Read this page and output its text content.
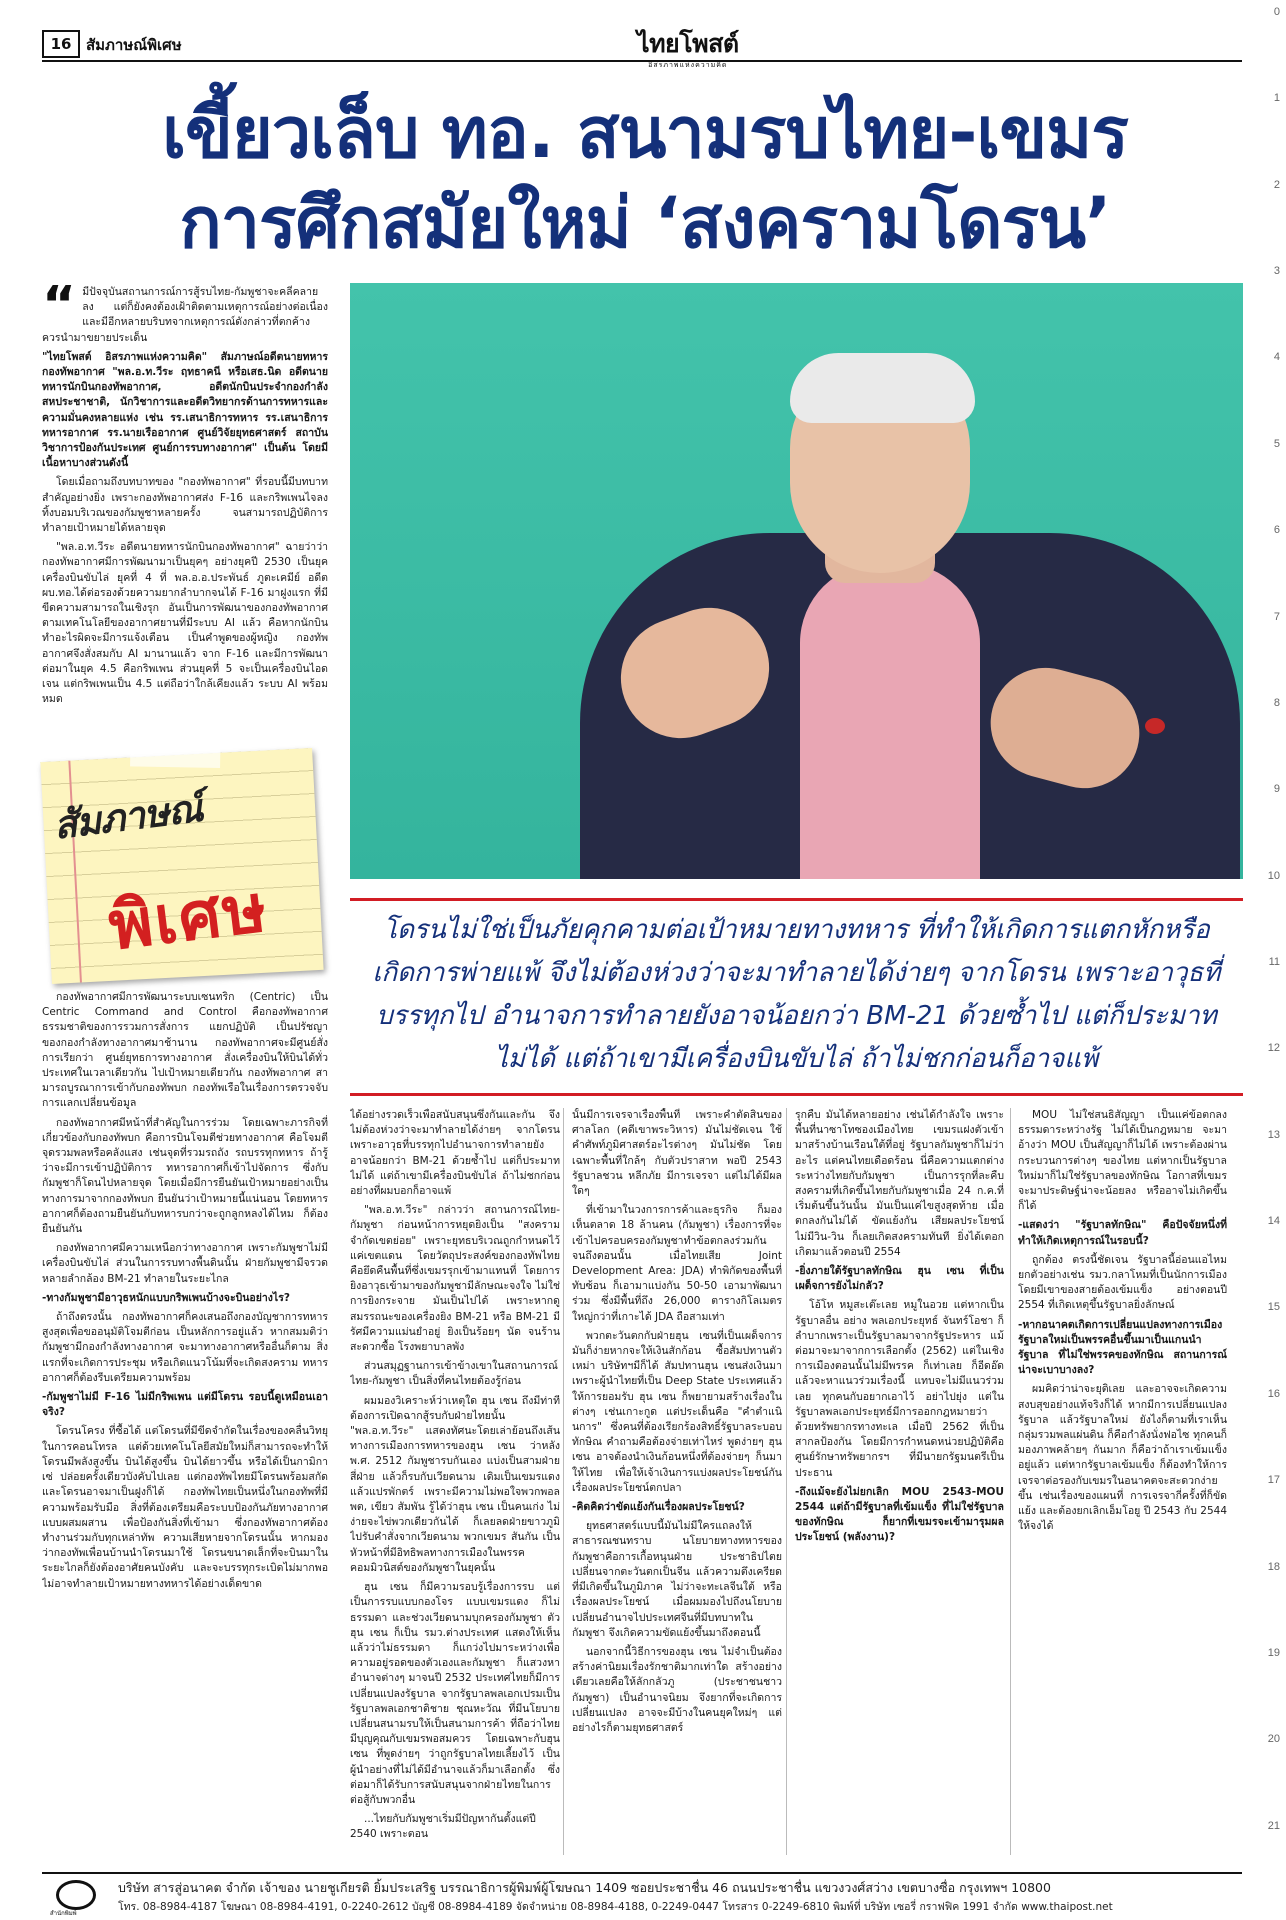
0
1
2
3
4
5
6
7
8
9
10
11
12
13
14
15
16
17
18
19
20
21
16 สัมภาษณ์พิเศษ	ไทยโพสต์
อิสรภาพแห่งความคิด
เขี้ยวเล็บ ทอ. สนามรบไทย-เขมร
การศึกสมัยใหม่ ‘สงครามโดรน’
“ มีปัจจุบันสถานการณ์การสู้รบไทย-กัมพูชาจะคลี่คลายลง แต่ก็ยังคงต้องเฝ้าติดตามเหตุการณ์อย่างต่อเนื่อง และมีอีกหลายบริบทจากเหตุการณ์ดังกล่าวที่ตกค้าง ควรนำมาขยายประเด็น

"ไทยโพสต์ อิสรภาพแห่งความคิด" สัมภาษณ์อดีตนายทหารกองทัพอากาศ "พล.อ.ท.วีระ ฤทธาคนี หรือเสธ.นิด อดีตนายทหารนักบินกองทัพอากาศ, อดีตนักบินประจำกองกำลังสหประชาชาติ, นักวิชาการและอดีตวิทยากรด้านการทหารและความมั่นคงหลายแห่ง เช่น รร.เสนาธิการทหาร รร.เสนาธิการทหารอากาศ รร.นายเรืออากาศ ศูนย์วิจัยยุทธศาสตร์ สถาบันวิชาการป้องกันประเทศ ศูนย์การรบทางอากาศ" เป็นต้น โดยมีเนื้อหาบางส่วนดังนี้

โดยเมื่อถามถึงบทบาทของ "กองทัพอากาศ" ที่รอบนี้มีบทบาทสำคัญอย่างยิ่ง เพราะกองทัพอากาศส่ง F-16 และกริพเพนไจลงทิ้งบอมบริเวณของกัมพูชาหลายครั้ง จนสามารถปฏิบัติการทำลายเป้าหมายได้หลายจุด

"พล.อ.ท.วีระ อดีตนายทหารนักบินกองทัพอากาศ" ฉายว่าว่า กองทัพอากาศมีการพัฒนามาเป็นยุคๆ อย่างยุคปี 2530 เป็นยุคเครื่องบินขับไล่ ยุคที่ 4 ที่ พล.อ.อ.ประพันธ์ ภูตะเคมีย์ อดีต ผบ.ทอ.ได้ต่อรองด้วยความยากลำบากจนได้ F-16 มาฝูงแรก ที่มีขีดความสามารถในเชิงรุก อันเป็นการพัฒนาของกองทัพอากาศตามเทคโนโลยีของอากาศยานที่มีระบบ AI แล้ว คือหากนักบินทำอะไรผิดจะมีการแจ้งเตือน เป็นคำพูดของผู้หญิง กองทัพอากาศจึงสั่งสมกับ AI มานานแล้ว จาก F-16 และมีการพัฒนาต่อมาในยุค 4.5 คือกริพเพน ส่วนยุคที่ 5 จะเป็นเครื่องบินไอดเจน แต่กริพเพนเป็น 4.5 แต่ถือว่าใกล้เคียงแล้ว ระบบ AI พร้อมหมด

สัมภาษณ์
พิเศษ	โดรนไม่ใช่เป็นภัยคุกคามต่อเป้าหมายทางทหาร ที่ทำให้เกิดการแตกหักหรือเกิดการพ่ายแพ้ จึงไม่ต้องห่วงว่าจะมาทำลายได้ง่ายๆ จากโดรน เพราะอาวุธที่บรรทุกไป อำนาจการทำลายยังอาจน้อยกว่า BM-21 ด้วยซ้ำไป แต่ก็ประมาทไม่ได้ แต่ถ้าเขามีเครื่องบินขับไล่ ถ้าไม่ชกก่อนก็อาจแพ้

กองทัพอากาศมีการพัฒนาระบบเซนทริก (Centric) เป็น Centric Command and Control คือกองทัพอากาศ ธรรมชาติของการรวมการสั่งการ แยกปฏิบัติ เป็นปรัชญาของกองกำลังทางอากาศมาช้านาน กองทัพอากาศจะมีศูนย์สั่งการเรียกว่า ศูนย์ยุทธการทางอากาศ สั่งเครื่องบินให้บินได้ทั่วประเทศในเวลาเดียวกัน ไปเป้าหมายเดียวกัน กองทัพอากาศ สามารถบูรณาการเข้ากับกองทัพบก กองทัพเรือในเรื่องการตรวจจับ การแลกเปลี่ยนข้อมูล

กองทัพอากาศมีหน้าที่สำคัญในการร่วม โดยเฉพาะภารกิจที่เกี่ยวข้องกับกองทัพบก คือการบินโจมตีช่วยทางอากาศ คือโจมตีจุดรวมพลหรือคลังแสง เช่นจุดที่รวมรถถัง รถบรรทุกทหาร ถ้ารู้ว่าจะมีการเข้าปฏิบัติการ ทหารอากาศก็เข้าไปจัดการ ซึ่งกับกัมพูชาก็โดนไปหลายจุด โดยเมื่อมีการยืนยันเป้าหมายอย่างเป็นทางการมาจากกองทัพบก ยืนยันว่าเป้าหมายนี้แน่นอน โดยทหารอากาศก็ต้องถามยืนยันกับทหารบกว่าจะถูกลูกหลงได้ไหม ก็ต้องยืนยันกัน

กองทัพอากาศมีความเหนือกว่าทางอากาศ เพราะกัมพูชาไม่มีเครื่องบินขับไล่ ส่วนในการรบทางพื้นดินนั้น ฝ่ายกัมพูชามีจรวดหลายลำกล้อง BM-21 ทำลายในระยะไกล

-ทางกัมพูชามีอาวุธหนักแบบกริพเพนบ้างจะบินอย่างไร?

ถ้าถึงตรงนั้น กองทัพอากาศก็คงเสนอถึงกองบัญชาการทหารสูงสุดเพื่อขออนุมัติโจมตีก่อน เป็นหลักการอยู่แล้ว หากสมมติว่ากัมพูชามีกองกำลังทางอากาศ จะมาทางอากาศหรืออื่นก็ตาม สิ่งแรกที่จะเกิดการประชุม หรือเกิดแนวโน้มที่จะเกิดสงคราม ทหารอากาศก็ต้องรีบเตรียมความพร้อม

-กัมพูชาไม่มี F-16 ไม่มีกริพเพน แต่มีโดรน รอบนี้ดูเหมือนเอาจริง?

โดรนโครง ที่ซื้อได้ แต่โดรนที่มีขีดจำกัดในเรื่องของคลื่นวิทยุในการคอนโทรล แต่ด้วยเทคโนโลยีสมัยใหม่ก็สามารถจะทำให้โดรนมีพลังสูงขึ้น บินได้สูงขึ้น บินได้ยาวขึ้น หรือได้เป็นกามิกาเซ่ ปล่อยครั้งเดียวบังคับไปเลย แต่กองทัพไทยมีโดรนพร้อมสกัด และโดรนอาจมาเป็นฝูงก็ได้ กองทัพไทยเป็นหนึ่งในกองทัพที่มีความพร้อมรับมือ สิ่งที่ต้องเตรียมคือระบบป้องกันภัยทางอากาศแบบผสมผสาน เพื่อป้องกันสิ่งที่เข้ามา ซึ่งกองทัพอากาศต้องทำงานร่วมกับทุกเหล่าทัพ ความเสียหายจากโดรนนั้น หากมองว่ากองทัพเพื่อนบ้านนำโดรนมาใช้ โดรนขนาดเล็กที่จะบินมาในระยะไกลก็ยังต้องอาศัยคนบังคับ และจะบรรทุกระเบิดไม่มากพอ ไม่อาจทำลายเป้าหมายทางทหารได้อย่างเด็ดขาด

ได้อย่างรวดเร็วเพื่อสนับสนุนซึ่งกันและกัน จึงไม่ต้องห่วงว่าจะมาทำลายได้ง่ายๆ จากโดรน เพราะอาวุธที่บรรทุกไปอำนาจการทำลายยังอาจน้อยกว่า BM-21 ด้วยซ้ำไป แต่ก็ประมาทไม่ได้ แต่ถ้าเขามีเครื่องบินขับไล่ ถ้าไม่ชกก่อน อย่างที่ผมบอกก็อาจแพ้

"พล.อ.ท.วีระ" กล่าวว่า สถานการณ์ไทย-กัมพูชา ก่อนหน้าการหยุดยิงเป็น "สงครามจำกัดเขตย่อย" เพราะยุทธบริเวณถูกกำหนดไว้แค่เขตแดน โดยวัตถุประสงค์ของกองทัพไทยคือยึดคืนพื้นที่ซึ่งเขมรรุกเข้ามาแทนที่ โดยการยิงอาวุธเข้ามาของกัมพูชามีลักษณะจงใจ ไม่ใช่การยิงกระจาย มันเป็นไปได้ เพราะหากดูสมรรถนะของเครื่องยิง BM-21 หรือ BM-21 มีรัศมีความแม่นยำอยู่ ยิงเป็นร้อยๆ นัด จนร้านสะดวกซื้อ โรงพยาบาลพัง

ส่วนสมุฏฐานการเข้าข้างเขาในสถานการณ์ไทย-กัมพูชา เป็นสิ่งที่คนไทยต้องรู้ก่อน

ผมมองวิเคราะห์ว่าเหตุใด ฮุน เซน ถึงมีท่าทีต้องการเปิดฉากสู้รบกับฝ่ายไทยนั้น "พล.อ.ท.วีระ" แสดงทัศนะโดยเล่าย้อนถึงเส้นทางการเมืองการทหารของฮุน เซน ว่าหลัง พ.ศ. 2512 กัมพูชารบกันเอง แบ่งเป็นสามฝ่ายสี่ฝ่าย แล้วก็รบกับเวียดนาม เดิมเป็นเขมรแดงแล้วแปรพักตร์ เพราะมีความไม่พอใจพวกพอล พต, เขียว สัมพัน รู้ได้ว่าฮุน เซน เป็นคนเก่ง ไม่ง่ายจะไข่พวกเดียวกันได้ ก็เลยลดฝ่ายขาวภูมิ ไปรับคำสั่งจากเวียดนาม พวกเขมร สันกัน เป็นหัวหน้าที่มีอิทธิพลทางการเมืองในพรรคคอมมิวนิสต์ของกัมพูชาในยุคนั้น

ฮุน เซน ก็มีความรอบรู้เรื่องการรบ แต่เป็นการรบแบบกองโจร แบบเขมรแดง ก็ไม่ธรรมดา และช่วงเวียดนามบุกครองกัมพูชา ตัวฮุน เซน ก็เป็น รมว.ต่างประเทศ แสดงให้เห็นแล้วว่าไม่ธรรมดา ก็แกว่งไปมาระหว่างเพื่อความอยู่รอดของตัวเองและกัมพูชา ก็แสวงหาอำนาจต่างๆ มาจนปี 2532 ประเทศไทยก็มีการเปลี่ยนแปลงรัฐบาล จากรัฐบาลพลเอกเปรมเป็นรัฐบาลพลเอกชาติชาย ชุณหะวัณ ที่มีนโยบายเปลี่ยนสนามรบให้เป็นสนามการค้า ที่ถือว่าไทยมีบุญคุณกับเขมรพอสมควร โดยเฉพาะกับฮุน เซน ที่พูดง่ายๆ ว่าถูกรัฐบาลไทยเลี้ยงไว้ เป็นผู้นำอย่างที่ไม่ได้มีอำนาจแล้วก็มาเลือกตั้ง ซึ่งต่อมาก็ได้รับการสนับสนุนจากฝ่ายไทยในการต่อสู้กับพวกอื่น

...ไทยกับกัมพูชาเริ่มมีปัญหากันตั้งแต่ปี 2540 เพราะตอน

นั้นมีการเจรจาเรื่องพื้นที่ เพราะคำตัดสินของศาลโลก (คดีเขาพระวิหาร) มันไม่ชัดเจน ใช้คำศัพท์ภูมิศาสตร์อะไรต่างๆ มันไม่ชัด โดยเฉพาะพื้นที่ใกล้ๆ กับตัวปราสาท พอปี 2543 รัฐบาลชวน หลีกภัย มีการเจรจา แต่ไม่ได้มีผลใดๆ

ที่เข้ามาในวงการการค้าและธุรกิจ ก็มองเห็นตลาด 18 ล้านคน (กัมพูชา) เรื่องการที่จะเข้าไปครอบครองกัมพูชาทำข้อตกลงร่วมกัน จนถึงตอนนั้น เมื่อไทยเสีย Joint Development Area: JDA) ทำพิกัดของพื้นที่ทับซ้อน ก็เอามาแบ่งกัน 50-50 เอามาพัฒนาร่วม ซึ่งมีพื้นที่ถึง 26,000 ตารางกิโลเมตร ใหญ่กว่าที่เกาะได้ JDA ถือสามเท่า

พวกตะวันตกกับฝ่ายฮุน เซนที่เป็นเผด็จการ มันก็ง่ายหากจะให้เงินสักก้อน ซื้อสัมปทานตัวเหม่า บริษัทฯมีก็ได้ สัมปทานฮุน เซนส่งเงินมา เพราะผู้นำไทยที่เป็น Deep State ประเทศแล้วให้การยอมรับ ฮุน เซน ก็พยายามสร้างเรื่องในต่างๆ เช่นเกาะกูด แต่ประเด็นคือ "คำตำแนินการ" ซึ่งคนที่ต้องเรียกร้องสิทธิ์รัฐบาลระบอบทักษิณ คำถามคือต้องจ่ายเท่าไหร่ พูดง่ายๆ ฮุน เซน อาจต้องนำเงินก้อนหนึ่งที่ต้องจ่ายๆ ก็นมาให้ไทย เพื่อให้เจ้าเงินการแบ่งผลประโยชน์กันเรื่องผลประโยชน์ตกปลา

-คิดคิดว่าขัดแย้งกันเรื่องผลประโยชน์?

ยุทธศาสตร์แบบนี้มันไม่มีใครแถลงให้สาธารณชนทราบ นโยบายทางทหารของกัมพูชาคือการเกื้อหนุนฝ่าย ประชาธิปไตย เปลี่ยนจากตะวันตกเป็นจีน แล้วความตึงเครียดที่มีเกิดขึ้นในภูมิภาค ไม่ว่าจะทะเลจีนใต้ หรือเรื่องผลประโยชน์ เมื่อผมมองไปถึงนโยบายเปลี่ยนอำนาจไปประเทศจีนที่มีบทบาทในกัมพูชา จึงเกิดความขัดแย้งขึ้นมาถึงตอนนี้

นอกจากนี้วิธีการของฮุน เซน ไม่จำเป็นต้องสร้างค่านิยมเรื่องรักชาติมากเท่าใด สร้างอย่างเดียวเลยคือให้ลักกลัวภู (ประชาชนชาวกัมพูชา) เป็นอำนาจนิยม จึงยากที่จะเกิดการเปลี่ยนแปลง อาจจะมีบ้างในคนยุคใหม่ๆ แต่อย่างไรก็ตามยุทธศาสตร์

รุกคืบ มันได้หลายอย่าง เช่นได้กำลังใจ เพราะพื้นที่นาซาโทซองเมืองไทย เขมรแฝงตัวเข้ามาสร้างบ้านเรือนใต้ที่อยู่ รัฐบาลกัมพูชาก็ไม่ว่าอะไร แต่คนไทยเดือดร้อน นี่คือความแตกต่างระหว่างไทยกับกัมพูชา เป็นการรุกที่ละคืบ สงครามที่เกิดขึ้นไทยกับกัมพูชาเมื่อ 24 ก.ค.ที่เริ่มต้นขึ้นวันนั้น มันเป็นแค่ไขสูงสุดท้าย เมื่อตกลงกันไม่ได้ ขัดแย้งกัน เสียผลประโยชน์ ไม่มีวิน-วิน ก็เลยเกิดสงครามทันที ยิ่งได้เตอกเกิดมาแล้วตอนปี 2554

-ยิ่งภายใต้รัฐบาลทักษิณ ฮุน เซน ที่เป็นเผด็จการยังไม่กลัว?

โอ้โห หมูสะเต๊ะเลย หมูในอวย แต่หากเป็นรัฐบาลอื่น อย่าง พลเอกประยุทธ์ จันทร์โอชา ก็ลำบากเพราะเป็นรัฐบาลมาจากรัฐประหาร แม้ต่อมาจะมาจากการเลือกตั้ง (2562) แต่ในเชิงการเมืองตอนนั้นไม่มีพรรค ก็เท่าเลย ก็อีดอ๊ด แล้วจะหาแนวร่วมเรื่องนี้ แทบจะไม่มีแนวร่วมเลย ทุกคนกับอยากเอาไว้ อย่าไปยุ่ง แต่ในรัฐบาลพลเอกประยุทธ์มีการออกกฎหมายว่าด้วยทรัพยากรทางทะเล เมื่อปี 2562 ที่เป็นสากลป้องกัน โดยมีการกำหนดหน่วยปฏิบัติคือศูนย์รักษาทรัพยากรฯ ที่มีนายกรัฐมนตรีเป็นประธาน

-ถึงแม้จะยังไม่ยกเลิก MOU 2543-MOU 2544 แต่ถ้ามีรัฐบาลที่เข้มแข็ง ที่ไม่ใช่รัฐบาลของทักษิณ ก็ยากที่เขมรจะเข้ามารุมผลประโยชน์ (พลังงาน)?

MOU ไม่ใช่สนธิสัญญา เป็นแค่ข้อตกลงธรรมดาระหว่างรัฐ ไม่ได้เป็นกฎหมาย จะมาอ้างว่า MOU เป็นสัญญาก็ไม่ได้ เพราะต้องผ่านกระบวนการต่างๆ ของไทย แต่หากเป็นรัฐบาลใหม่มาก็ไม่ใช่รัฐบาลของทักษิณ โอกาสที่เขมรจะมาประดิษฐ์น่าจะน้อยลง หรืออาจไม่เกิดขึ้นก็ได้

-แสดงว่า "รัฐบาลทักษิณ" คือปัจจัยหนึ่งที่ทำให้เกิดเหตุการณ์ในรอบนี้?

ถูกต้อง ตรงนี้ชัดเจน รัฐบาลนี้อ่อนแอไหม ยกตัวอย่างเช่น รมว.กลาโหมที่เป็นนักการเมือง โดยมีเขาของสายต้องเข้มแข็ง อย่างตอนปี 2554 ที่เกิดเหตุขึ้นรัฐบาลยิ่งลักษณ์

-หากอนาคตเกิดการเปลี่ยนแปลงทางการเมือง รัฐบาลใหม่เป็นพรรคอื่นขึ้นมาเป็นแกนนำรัฐบาล ที่ไม่ใช่พรรคของทักษิณ สถานการณ์น่าจะเบาบางลง?

ผมคิดว่าน่าจะยุติเลย และอาจจะเกิดความสงบสุขอย่างแท้จริงก็ได้ หากมีการเปลี่ยนแปลงรัฐบาล แล้วรัฐบาลใหม่ ยังไงก็ตามที่เราเห็นกลุ่มรวมพลแผ่นดิน ก็คือกำลังนั่งฟอไซ ทุกคนก็มองภาพคล้ายๆ กันมาก ก็คือว่าถ้าเราเข้มแข็งอยู่แล้ว แต่หากรัฐบาลเข้มแข็ง ก็ต้องทำให้การเจรจาต่อรองกับเขมรในอนาคตจะสะดวกง่ายขึ้น เช่นเรื่องของแผนที่ การเจรจากี่ครั้งที่ก็ขัดแย้ง และต้องยกเลิกเอ็มโอยู ปี 2543 กับ 2544 ให้จงได้

สำนักพิมพ์
บริษัท สารสู่อนาคต จำกัด เจ้าของ นายชูเกียรติ ยิ้มประเสริฐ บรรณาธิการผู้พิมพ์ผู้โฆษณา 1409 ซอยประชาชื่น 46 ถนนประชาชื่น แขวงวงศ์สว่าง เขตบางซื่อ กรุงเทพฯ 10800
โทร. 08-8984-4187 โฆษณา 08-8984-4191, 0-2240-2612 บัญชี 08-8984-4189 จัดจำหน่าย 08-8984-4188, 0-2249-0447 โทรสาร 0-2249-6810 พิมพ์ที่ บริษัท เซอรี่ กราฟฟิค 1991 จำกัด www.thaipost.net
